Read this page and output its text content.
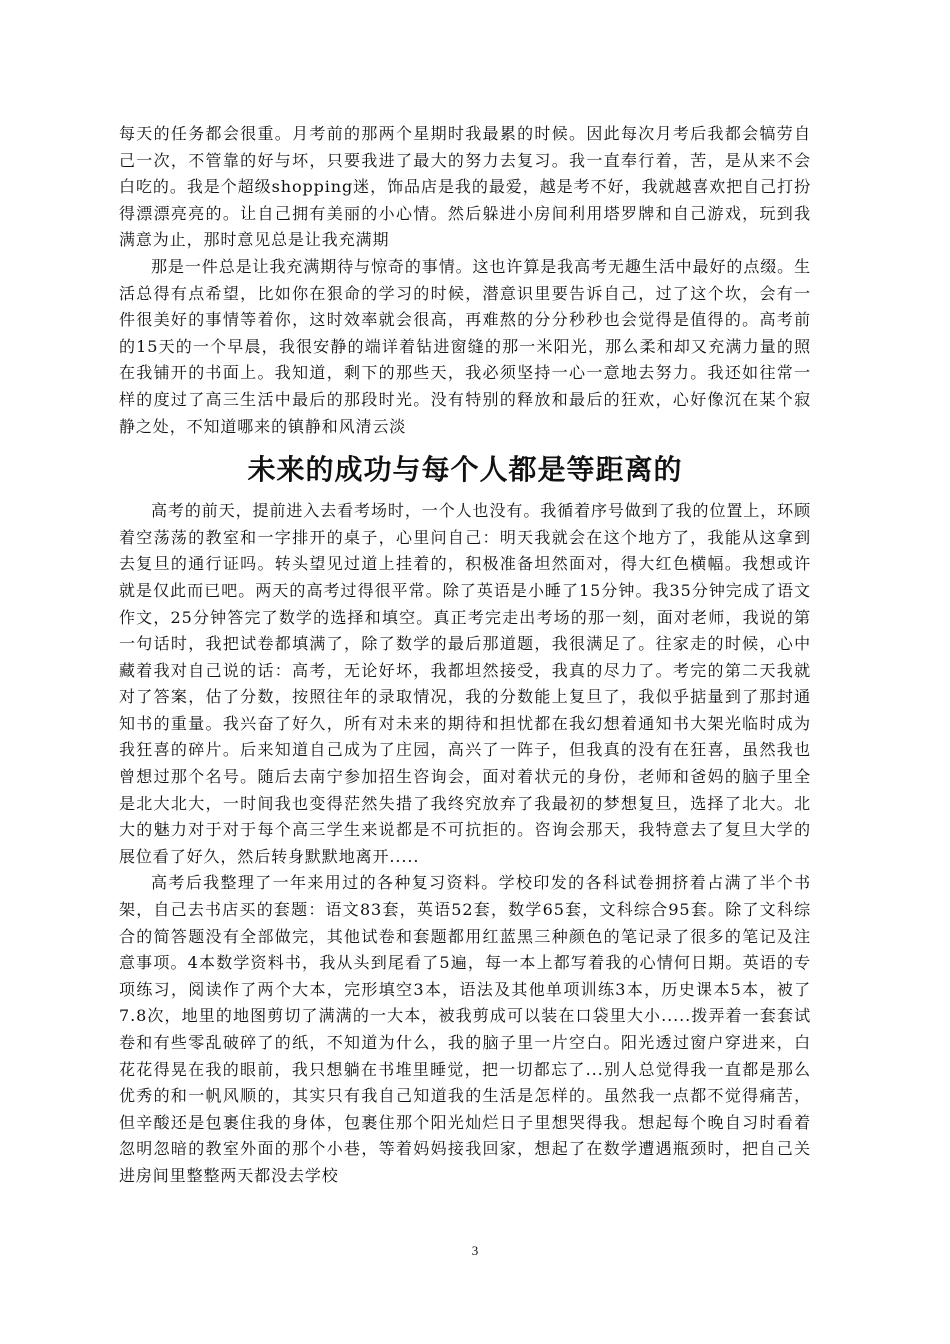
每天的任务都会很重。月考前的那两个星期时我最累的时候。因此每次月考后我都会犒劳自己一次，不管靠的好与坏，只要我进了最大的努力去复习。我一直奉行着，苦，是从来不会白吃的。我是个超级shopping迷，饰品店是我的最爱，越是考不好，我就越喜欢把自己打扮得漂漂亮亮的。让自己拥有美丽的小心情。然后躲进小房间利用塔罗牌和自己游戏，玩到我满意为止，那时意见总是让我充满期

那是一件总是让我充满期待与惊奇的事情。这也许算是我高考无趣生活中最好的点缀。生活总得有点希望，比如你在狠命的学习的时候，潜意识里要告诉自己，过了这个坎，会有一件很美好的事情等着你，这时效率就会很高，再难熬的分分秒秒也会觉得是值得的。高考前的15天的一个早晨，我很安静的端详着钻进窗缝的那一米阳光，那么柔和却又充满力量的照在我铺开的书面上。我知道，剩下的那些天，我必须坚持一心一意地去努力。我还如往常一样的度过了高三生活中最后的那段时光。没有特别的释放和最后的狂欢，心好像沉在某个寂静之处，不知道哪来的镇静和风清云淡

未来的成功与每个人都是等距离的

高考的前天，提前进入去看考场时，一个人也没有。我循着序号做到了我的位置上，环顾着空荡荡的教室和一字排开的桌子，心里问自己：明天我就会在这个地方了，我能从这拿到去复旦的通行证吗。转头望见过道上挂着的，积极准备坦然面对，得大红色横幅。我想或许就是仅此而已吧。两天的高考过得很平常。除了英语是小睡了15分钟。我35分钟完成了语文作文，25分钟答完了数学的选择和填空。真正考完走出考场的那一刻，面对老师，我说的第一句话时，我把试卷都填满了，除了数学的最后那道题，我很满足了。往家走的时候，心中藏着我对自己说的话：高考，无论好坏，我都坦然接受，我真的尽力了。考完的第二天我就对了答案，估了分数，按照往年的录取情况，我的分数能上复旦了，我似乎掂量到了那封通知书的重量。我兴奋了好久，所有对未来的期待和担忧都在我幻想着通知书大架光临时成为我狂喜的碎片。后来知道自己成为了庄园，高兴了一阵子，但我真的没有在狂喜，虽然我也曾想过那个名号。随后去南宁参加招生咨询会，面对着状元的身份，老师和爸妈的脑子里全是北大北大，一时间我也变得茫然失措了我终究放弃了我最初的梦想复旦，选择了北大。北大的魅力对于对于每个高三学生来说都是不可抗拒的。咨询会那天，我特意去了复旦大学的展位看了好久，然后转身默默地离开.....

高考后我整理了一年来用过的各种复习资料。学校印发的各科试卷拥挤着占满了半个书架，自己去书店买的套题：语文83套，英语52套，数学65套，文科综合95套。除了文科综合的简答题没有全部做完，其他试卷和套题都用红蓝黑三种颜色的笔记录了很多的笔记及注意事项。4本数学资料书，我从头到尾看了5遍，每一本上都写着我的心情何日期。英语的专项练习，阅读作了两个大本，完形填空3本，语法及其他单项训练3本，历史课本5本，被了7.8次，地里的地图剪切了满满的一大本，被我剪成可以装在口袋里大小.....拨弄着一套套试卷和有些零乱破碎了的纸，不知道为什么，我的脑子里一片空白。阳光透过窗户穿进来，白花花得晃在我的眼前，我只想躺在书堆里睡觉，把一切都忘了...别人总觉得我一直都是那么优秀的和一帆风顺的，其实只有我自己知道我的生活是怎样的。虽然我一点都不觉得痛苦，但辛酸还是包裹住我的身体，包裹住那个阳光灿烂日子里想哭得我。想起每个晚自习时看着忽明忽暗的教室外面的那个小巷，等着妈妈接我回家，想起了在数学遭遇瓶颈时，把自己关进房间里整整两天都没去学校

3
